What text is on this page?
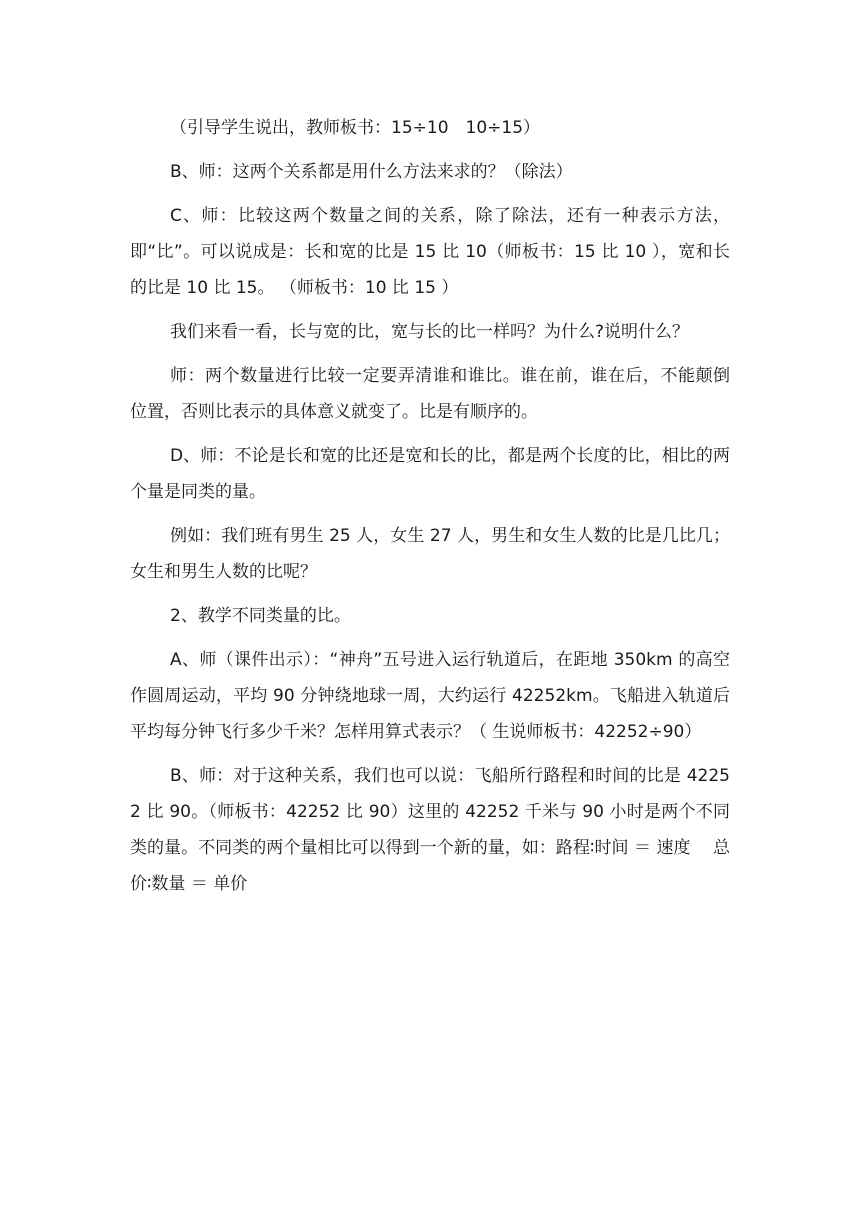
（引导学生说出，教师板书：15÷10　10÷15）

B、师：这两个关系都是用什么方法来求的？（除法）

C、师：比较这两个数量之间的关系，除了除法，还有一种表示方法，即“比”。可以说成是：长和宽的比是 15 比 10（师板书：15 比 10 ），宽和长的比是 10 比 15。 （师板书：10 比 15 ）

我们来看一看，长与宽的比，宽与长的比一样吗？为什么?说明什么？

师：两个数量进行比较一定要弄清谁和谁比。谁在前，谁在后，不能颠倒位置，否则比表示的具体意义就变了。比是有顺序的。

D、师：不论是长和宽的比还是宽和长的比，都是两个长度的比，相比的两个量是同类的量。

例如：我们班有男生 25 人，女生 27 人，男生和女生人数的比是几比几；女生和男生人数的比呢？

2、教学不同类量的比。

A、师（课件出示）：“神舟”五号进入运行轨道后，在距地 350km 的高空作圆周运动，平均 90 分钟绕地球一周，大约运行 42252km。飞船进入轨道后平均每分钟飞行多少千米？怎样用算式表示？（ 生说师板书：42252÷90）

B、师：对于这种关系，我们也可以说：飞船所行路程和时间的比是 42252 比 90。（师板书：42252 比 90）这里的 42252 千米与 90 小时是两个不同类的量。不同类的两个量相比可以得到一个新的量，如：路程∶时间 ＝ 速度　 总价∶数量 ＝ 单价
